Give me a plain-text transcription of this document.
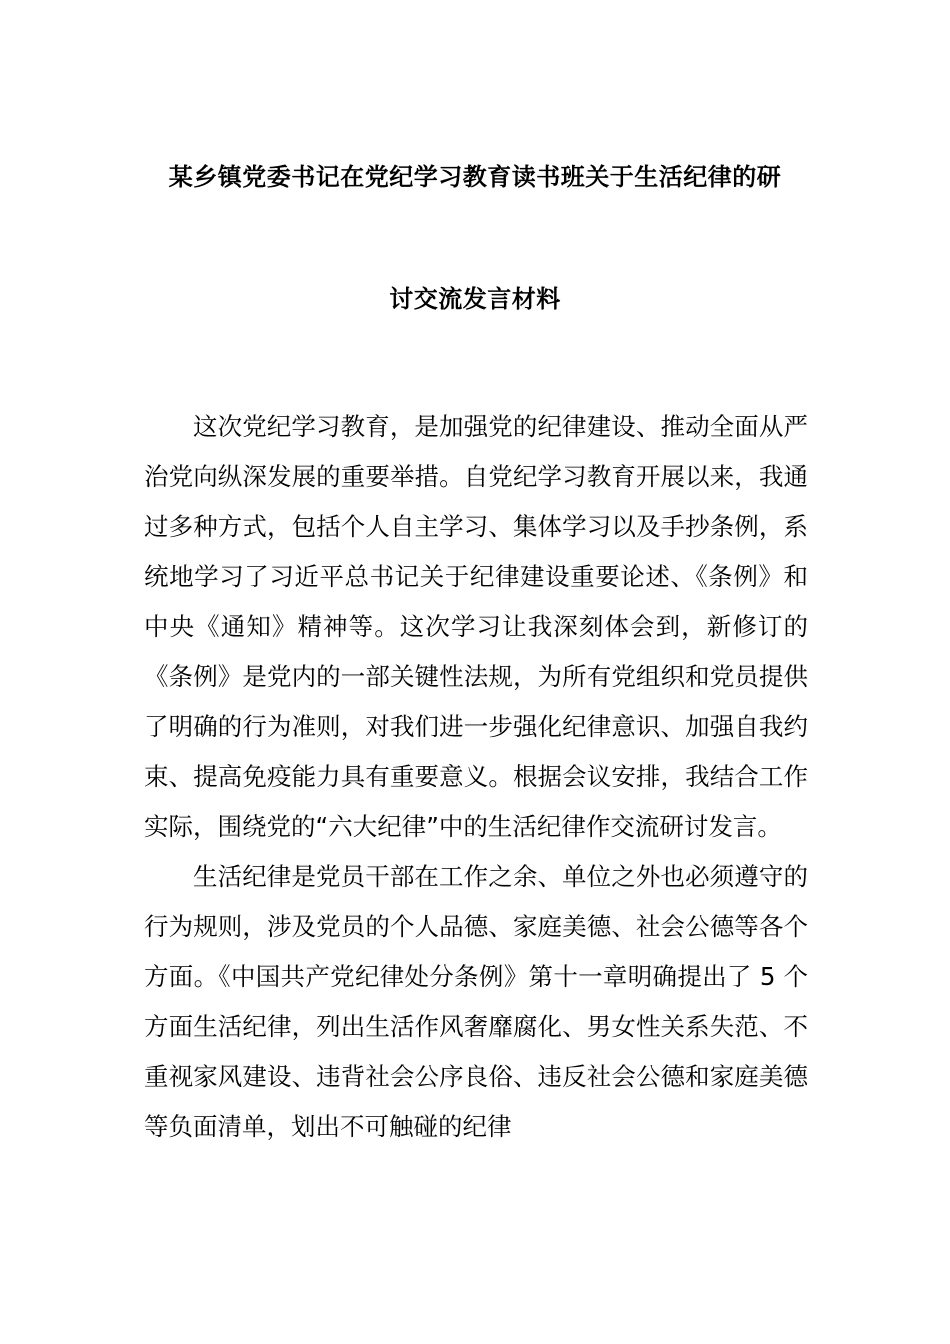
某乡镇党委书记在党纪学习教育读书班关于生活纪律的研
讨交流发言材料

这次党纪学习教育，是加强党的纪律建设、推动全面从严治党向纵深发展的重要举措。自党纪学习教育开展以来，我通过多种方式，包括个人自主学习、集体学习以及手抄条例，系统地学习了习近平总书记关于纪律建设重要论述、《条例》和中央《通知》精神等。这次学习让我深刻体会到，新修订的《条例》是党内的一部关键性法规，为所有党组织和党员提供了明确的行为准则，对我们进一步强化纪律意识、加强自我约束、提高免疫能力具有重要意义。根据会议安排，我结合工作实际，围绕党的“六大纪律”中的生活纪律作交流研讨发言。

生活纪律是党员干部在工作之余、单位之外也必须遵守的行为规则，涉及党员的个人品德、家庭美德、社会公德等各个方面。《中国共产党纪律处分条例》第十一章明确提出了 5 个方面生活纪律，列出生活作风奢靡腐化、男女性关系失范、不重视家风建设、违背社会公序良俗、违反社会公德和家庭美德等负面清单，划出不可触碰的纪律
